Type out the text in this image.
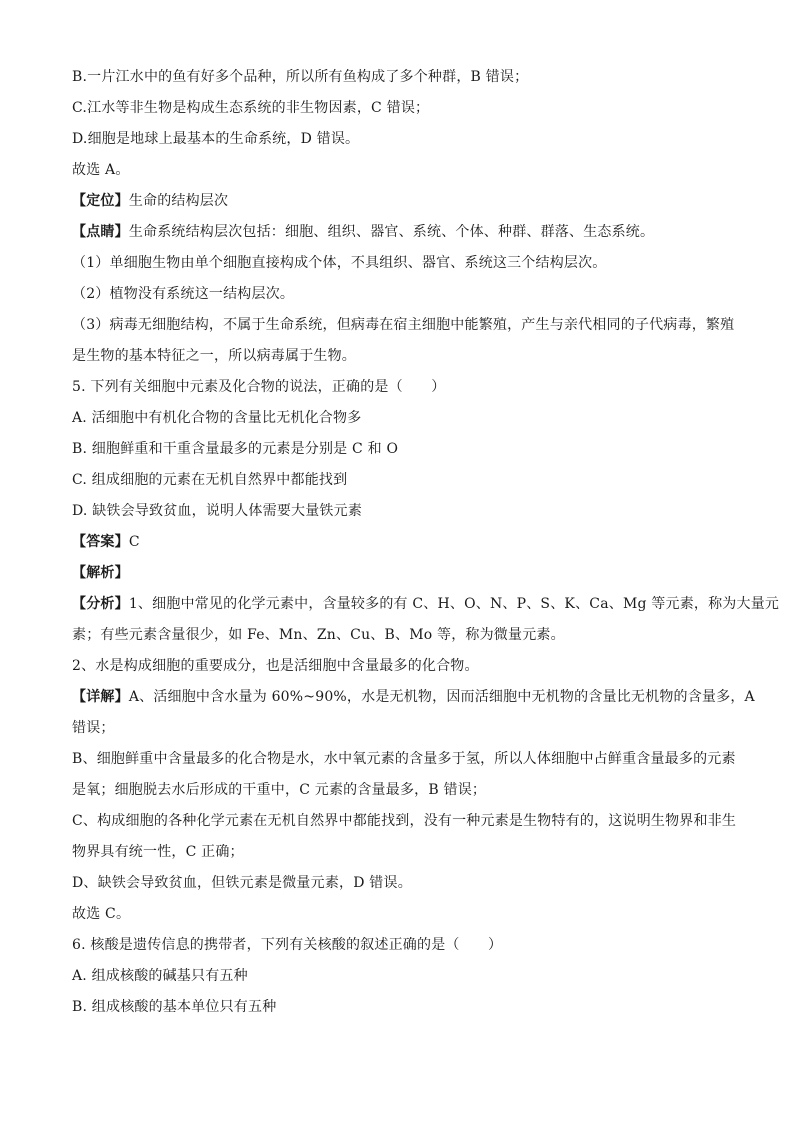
B.一片江水中的鱼有好多个品种，所以所有鱼构成了多个种群，B 错误；
C.江水等非生物是构成生态系统的非生物因素，C 错误；
D.细胞是地球上最基本的生命系统，D 错误。
故选 A。
【定位】生命的结构层次
【点睛】生命系统结构层次包括：细胞、组织、器官、系统、个体、种群、群落、生态系统。
（1）单细胞生物由单个细胞直接构成个体，不具组织、器官、系统这三个结构层次。
（2）植物没有系统这一结构层次。
（3）病毒无细胞结构，不属于生命系统，但病毒在宿主细胞中能繁殖，产生与亲代相同的子代病毒，繁殖
是生物的基本特征之一，所以病毒属于生物。
5. 下列有关细胞中元素及化合物的说法，正确的是（　　）
A. 活细胞中有机化合物的含量比无机化合物多
B. 细胞鲜重和干重含量最多的元素是分别是 C 和 O
C. 组成细胞的元素在无机自然界中都能找到
D. 缺铁会导致贫血，说明人体需要大量铁元素
【答案】C
【解析】
【分析】1、细胞中常见的化学元素中，含量较多的有 C、H、O、N、P、S、K、Ca、Mg 等元素，称为大量元
素；有些元素含量很少，如 Fe、Mn、Zn、Cu、B、Mo 等，称为微量元素。
2、水是构成细胞的重要成分，也是活细胞中含量最多的化合物。
【详解】A、活细胞中含水量为 60%~90%，水是无机物，因而活细胞中无机物的含量比无机物的含量多，A
错误；
B、细胞鲜重中含量最多的化合物是水，水中氧元素的含量多于氢，所以人体细胞中占鲜重含量最多的元素
是氧；细胞脱去水后形成的干重中，C 元素的含量最多，B 错误；
C、构成细胞的各种化学元素在无机自然界中都能找到，没有一种元素是生物特有的，这说明生物界和非生
物界具有统一性，C 正确；
D、缺铁会导致贫血，但铁元素是微量元素，D 错误。
故选 C。
6. 核酸是遗传信息的携带者，下列有关核酸的叙述正确的是（　　）
A. 组成核酸的碱基只有五种
B. 组成核酸的基本单位只有五种
